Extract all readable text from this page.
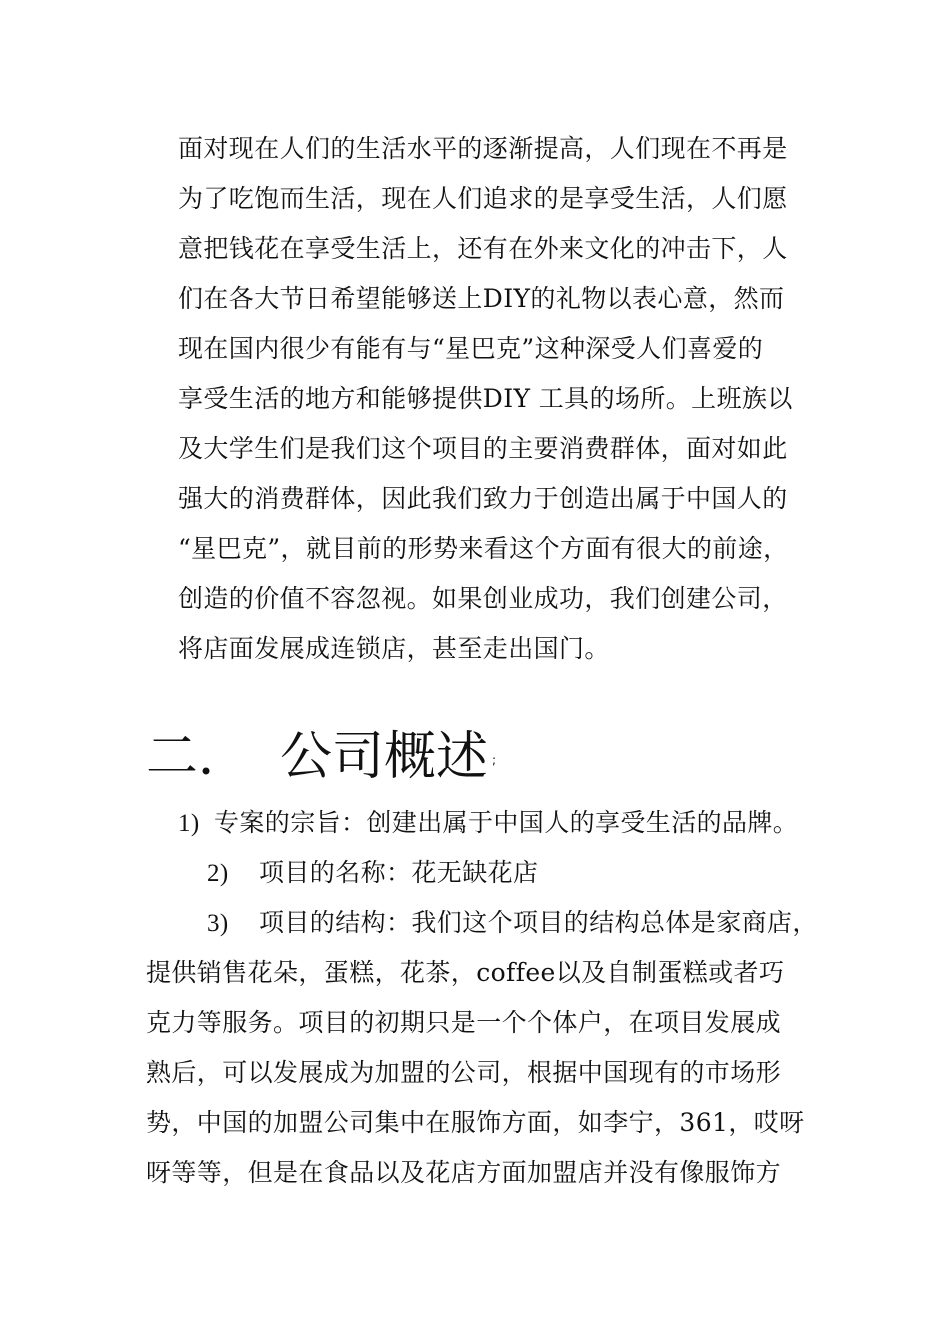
面对现在人们的生活水平的逐渐提高，人们现在不再是
为了吃饱而生活，现在人们追求的是享受生活，人们愿
意把钱花在享受生活上，还有在外来文化的冲击下，人
们在各大节日希望能够送上DIY的礼物以表心意，然而
现在国内很少有能有与“星巴克”这种深受人们喜爱的
享受生活的地方和能够提供DIY 工具的场所。上班族以
及大学生们是我们这个项目的主要消费群体，面对如此
强大的消费群体，因此我们致力于创造出属于中国人的
“星巴克”，就目前的形势来看这个方面有很大的前途，
创造的价值不容忽视。如果创业成功，我们创建公司，
将店面发展成连锁店，甚至走出国门。
二． 公司概述 ;
1) 专案的宗旨：创建出属于中国人的享受生活的品牌。
2) 项目的名称：花无缺花店
3) 项目的结构：我们这个项目的结构总体是家商店，
提供销售花朵，蛋糕，花茶，coffee以及自制蛋糕或者巧
克力等服务。项目的初期只是一个个体户，在项目发展成
熟后，可以发展成为加盟的公司，根据中国现有的市场形
势，中国的加盟公司集中在服饰方面，如李宁，361，哎呀
呀等等，但是在食品以及花店方面加盟店并没有像服饰方
